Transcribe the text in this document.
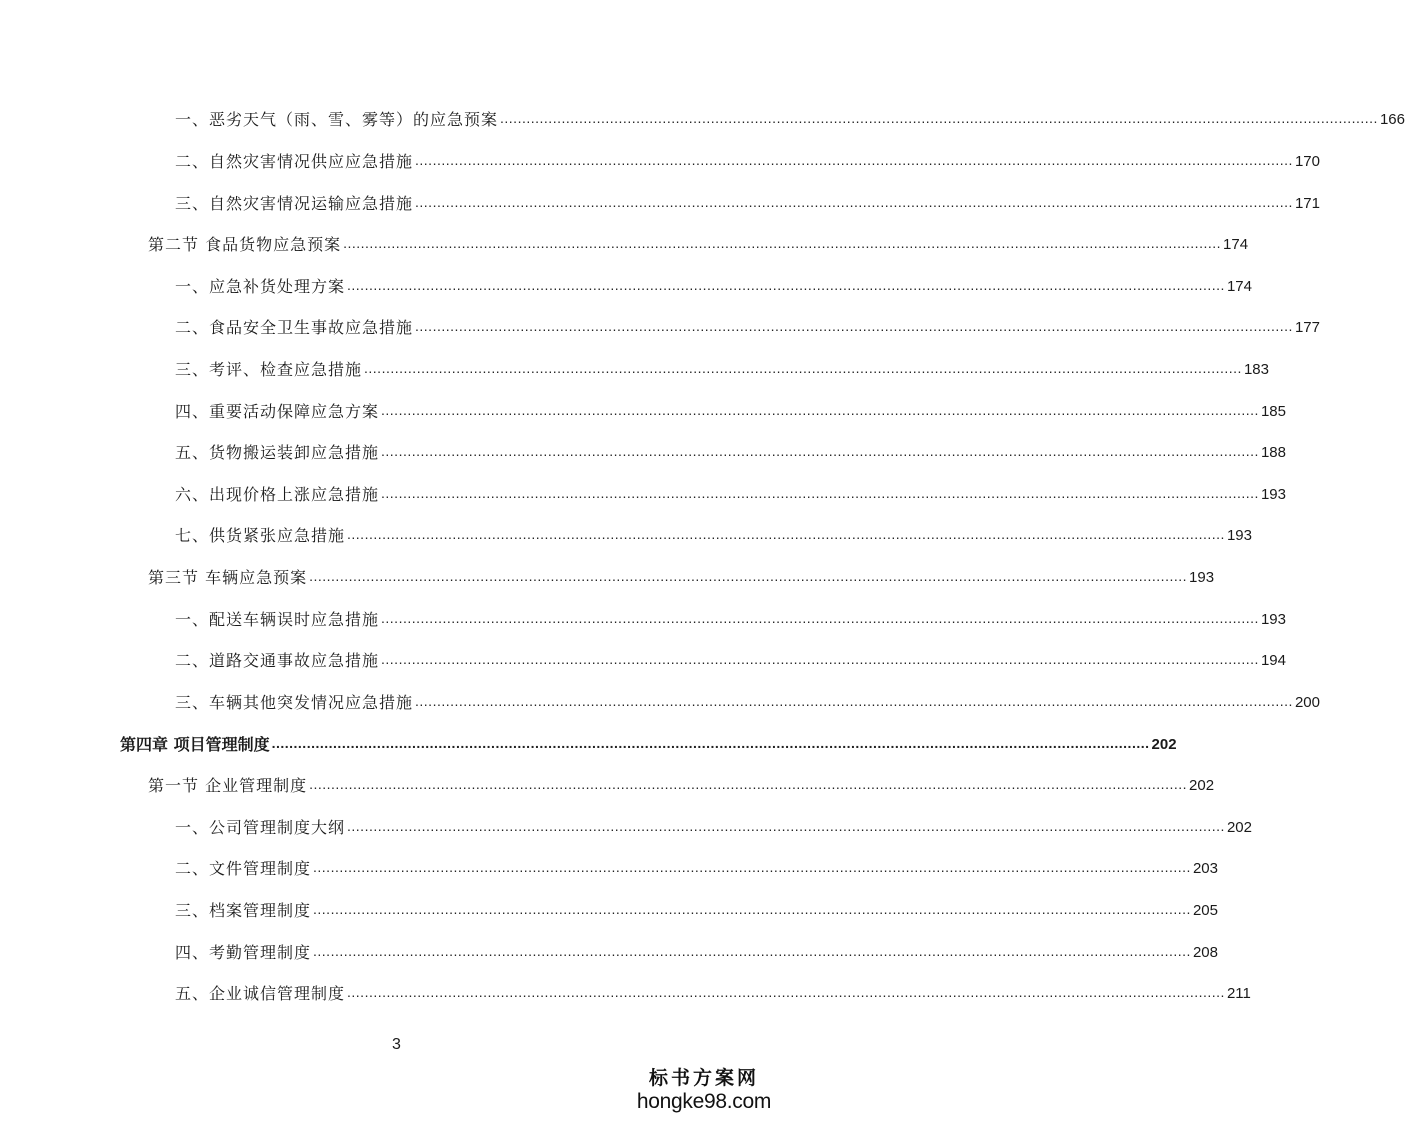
一、恶劣天气（雨、雪、雾等）的应急预案 ........................................................................................................................................................................................................ 166
二、自然灾害情况供应应急措施 ........................................................................................................................................................................................................ 170
三、自然灾害情况运输应急措施 ........................................................................................................................................................................................................ 171
第二节 食品货物应急预案 ........................................................................................................................................................................................................ 174
一、应急补货处理方案 ........................................................................................................................................................................................................ 174
二、食品安全卫生事故应急措施 ........................................................................................................................................................................................................ 177
三、考评、检查应急措施 ........................................................................................................................................................................................................ 183
四、重要活动保障应急方案 ........................................................................................................................................................................................................ 185
五、货物搬运装卸应急措施 ........................................................................................................................................................................................................ 188
六、出现价格上涨应急措施 ........................................................................................................................................................................................................ 193
七、供货紧张应急措施 ........................................................................................................................................................................................................ 193
第三节 车辆应急预案 ........................................................................................................................................................................................................ 193
一、配送车辆误时应急措施 ........................................................................................................................................................................................................ 193
二、道路交通事故应急措施 ........................................................................................................................................................................................................ 194
三、车辆其他突发情况应急措施 ........................................................................................................................................................................................................ 200
第四章 项目管理制度 ........................................................................................................................................................................................................ 202
第一节 企业管理制度 ........................................................................................................................................................................................................ 202
一、公司管理制度大纲 ........................................................................................................................................................................................................ 202
二、文件管理制度 ........................................................................................................................................................................................................ 203
三、档案管理制度 ........................................................................................................................................................................................................ 205
四、考勤管理制度 ........................................................................................................................................................................................................ 208
五、企业诚信管理制度 ........................................................................................................................................................................................................ 211
3
标书方案网
hongke98.com
